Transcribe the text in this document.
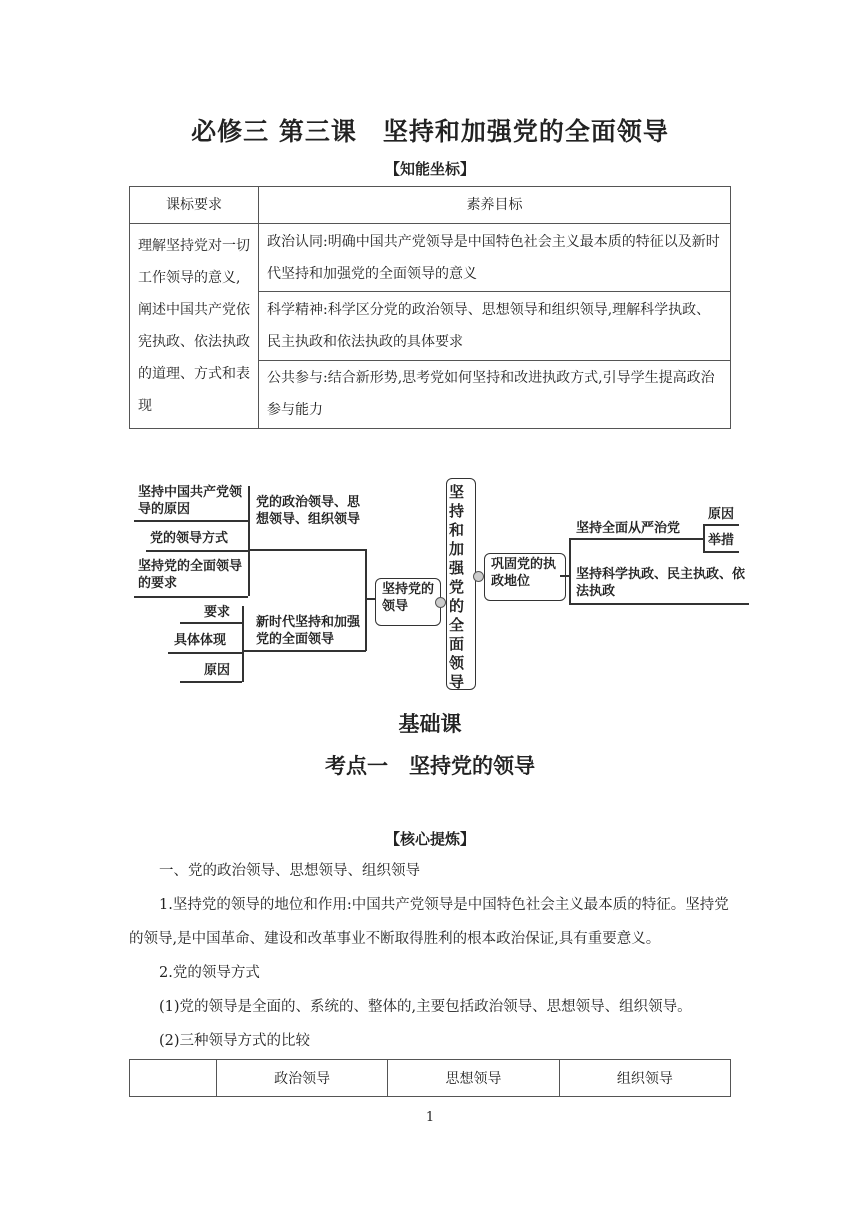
必修三 第三课　坚持和加强党的全面领导
【知能坐标】
课标要求	素养目标
理解坚持党对一切工作领导的意义,阐述中国共产党依宪执政、依法执政的道理、方式和表现	政治认同:明确中国共产党领导是中国特色社会主义最本质的特征以及新时代坚持和加强党的全面领导的意义
	科学精神:科学区分党的政治领导、思想领导和组织领导,理解科学执政、民主执政和依法执政的具体要求
	公共参与:结合新形势,思考党如何坚持和改进执政方式,引导学生提高政治参与能力
坚持中国共产党领导的原因
党的领导方式
坚持党的全面领导的要求
党的政治领导、思想领导、组织领导
要求
具体体现
原因
新时代坚持和加强党的全面领导
坚持党的领导
坚持和加强党的全面领导
巩固党的执政地位
坚持全面从严治党
原因
举措
坚持科学执政、民主执政、依法执政
基础课
考点一　坚持党的领导
【核心提炼】
一、党的政治领导、思想领导、组织领导
1.坚持党的领导的地位和作用:中国共产党领导是中国特色社会主义最本质的特征。坚持党的领导,是中国革命、建设和改革事业不断取得胜利的根本政治保证,具有重要意义。
2.党的领导方式
(1)党的领导是全面的、系统的、整体的,主要包括政治领导、思想领导、组织领导。
(2)三种领导方式的比较
	政治领导	思想领导	组织领导
1
